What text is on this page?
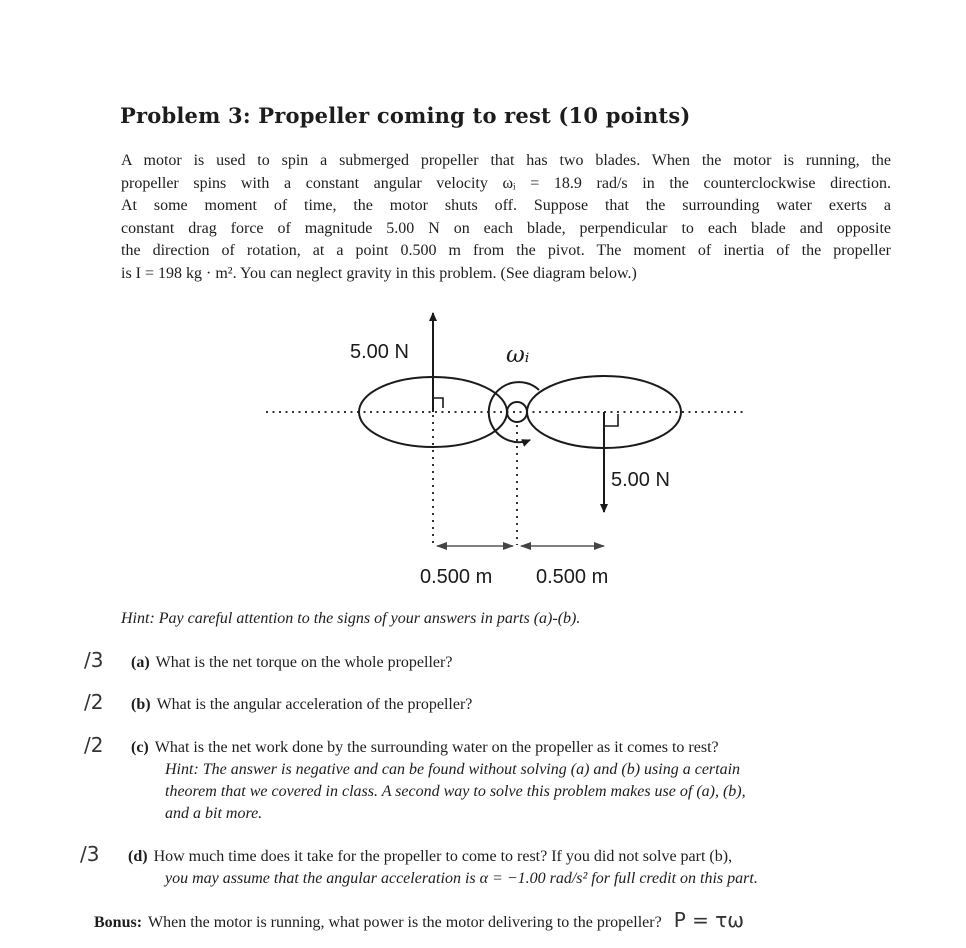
Problem 3: Propeller coming to rest (10 points)
A motor is used to spin a submerged propeller that has two blades. When the motor is running, the
propeller spins with a constant angular velocity ωᵢ = 18.9 rad/s in the counterclockwise direction.
At some moment of time, the motor shuts off. Suppose that the surrounding water exerts a
constant drag force of magnitude 5.00 N on each blade, perpendicular to each blade and opposite
the direction of rotation, at a point 0.500 m from the pivot. The moment of inertia of the propeller
is I = 198 kg · m². You can neglect gravity in this problem. (See diagram below.)
5.00 N	ωᵢ
5.00 N
0.500 m 0.500 m
Hint: Pay careful attention to the signs of your answers in parts (a)-(b).
/3 (a) What is the net torque on the whole propeller?
/2 (b) What is the angular acceleration of the propeller?
/2 (c) What is the net work done by the surrounding water on the propeller as it comes to rest?
Hint: The answer is negative and can be found without solving (a) and (b) using a certain
theorem that we covered in class. A second way to solve this problem makes use of (a), (b),
and a bit more.
/3 (d) How much time does it take for the propeller to come to rest? If you did not solve part (b),
you may assume that the angular acceleration is α = −1.00 rad/s² for full credit on this part.
Bonus: When the motor is running, what power is the motor delivering to the propeller? P = τω
